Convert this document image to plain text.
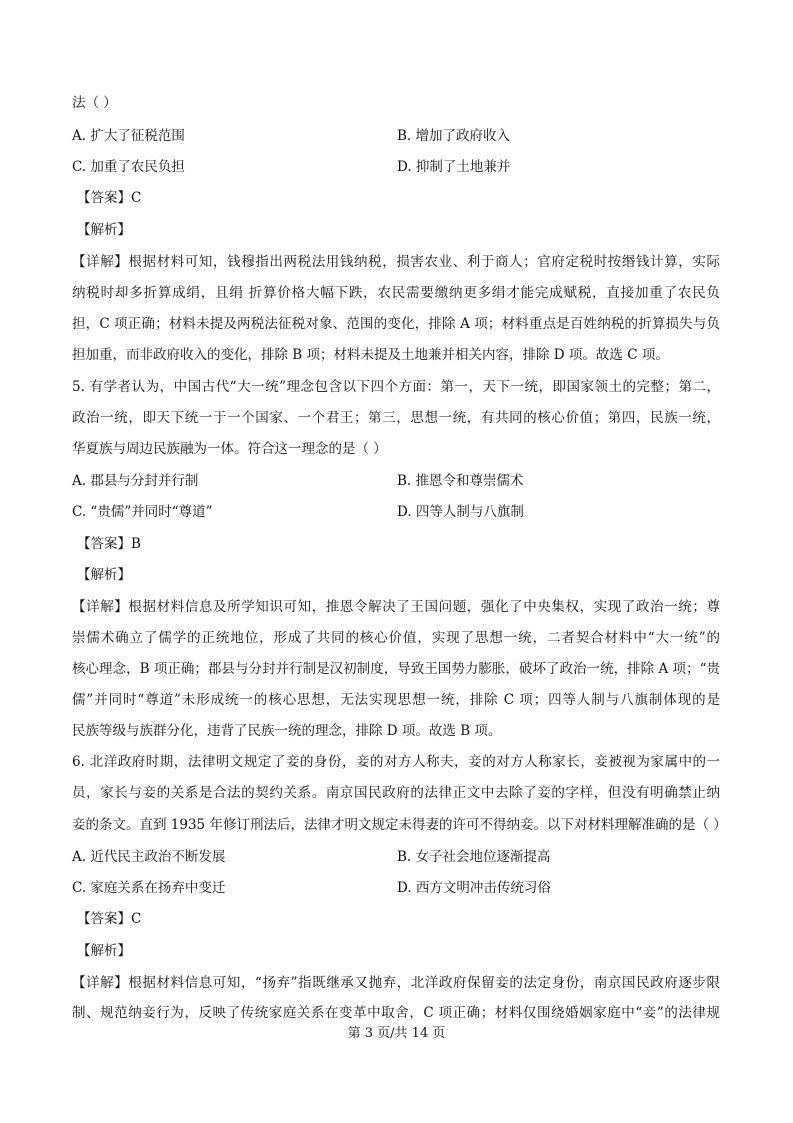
法（ ）
A. 扩大了征税范围	B. 增加了政府收入
C. 加重了农民负担	D. 抑制了土地兼并
【答案】C
【解析】
【详解】根据材料可知，钱穆指出两税法用钱纳税，损害农业、利于商人；官府定税时按缗钱计算，实际
纳税时却多折算成绢，且绢 折算价格大幅下跌，农民需要缴纳更多绢才能完成赋税，直接加重了农民负
担，C 项正确；材料未提及两税法征税对象、范围的变化，排除 A 项；材料重点是百姓纳税的折算损失与负
担加重，而非政府收入的变化，排除 B 项；材料未提及土地兼并相关内容，排除 D 项。故选 C 项。
5. 有学者认为，中国古代“大一统”理念包含以下四个方面：第一，天下一统，即国家领土的完整；第二，
政治一统，即天下统一于一个国家、一个君王；第三，思想一统，有共同的核心价值；第四，民族一统，
华夏族与周边民族融为一体。符合这一理念的是（ ）
A. 郡县与分封并行制	B. 推恩令和尊崇儒术
C. “贵儒”并同时“尊道”	D. 四等人制与八旗制
【答案】B
【解析】
【详解】根据材料信息及所学知识可知，推恩令解决了王国问题，强化了中央集权，实现了政治一统；尊
崇儒术确立了儒学的正统地位，形成了共同的核心价值，实现了思想一统，二者契合材料中“大一统”的
核心理念，B 项正确；郡县与分封并行制是汉初制度，导致王国势力膨胀，破坏了政治一统，排除 A 项；“贵
儒”并同时“尊道”未形成统一的核心思想，无法实现思想一统，排除 C 项；四等人制与八旗制体现的是
民族等级与族群分化，违背了民族一统的理念，排除 D 项。故选 B 项。
6. 北洋政府时期，法律明文规定了妾的身份，妾的对方人称夫，妾的对方人称家长，妾被视为家属中的一
员，家长与妾的关系是合法的契约关系。南京国民政府的法律正文中去除了妾的字样，但没有明确禁止纳
妾的条文。直到 1935 年修订刑法后，法律才明文规定未得妻的许可不得纳妾。以下对材料理解准确的是（ ）
A. 近代民主政治不断发展	B. 女子社会地位逐渐提高
C. 家庭关系在扬弃中变迁	D. 西方文明冲击传统习俗
【答案】C
【解析】
【详解】根据材料信息可知，“扬弃”指既继承又抛弃，北洋政府保留妾的法定身份，南京国民政府逐步限
制、规范纳妾行为，反映了传统家庭关系在变革中取舍，C 项正确；材料仅围绕婚姻家庭中“妾”的法律规
第 3 页/共 14 页
